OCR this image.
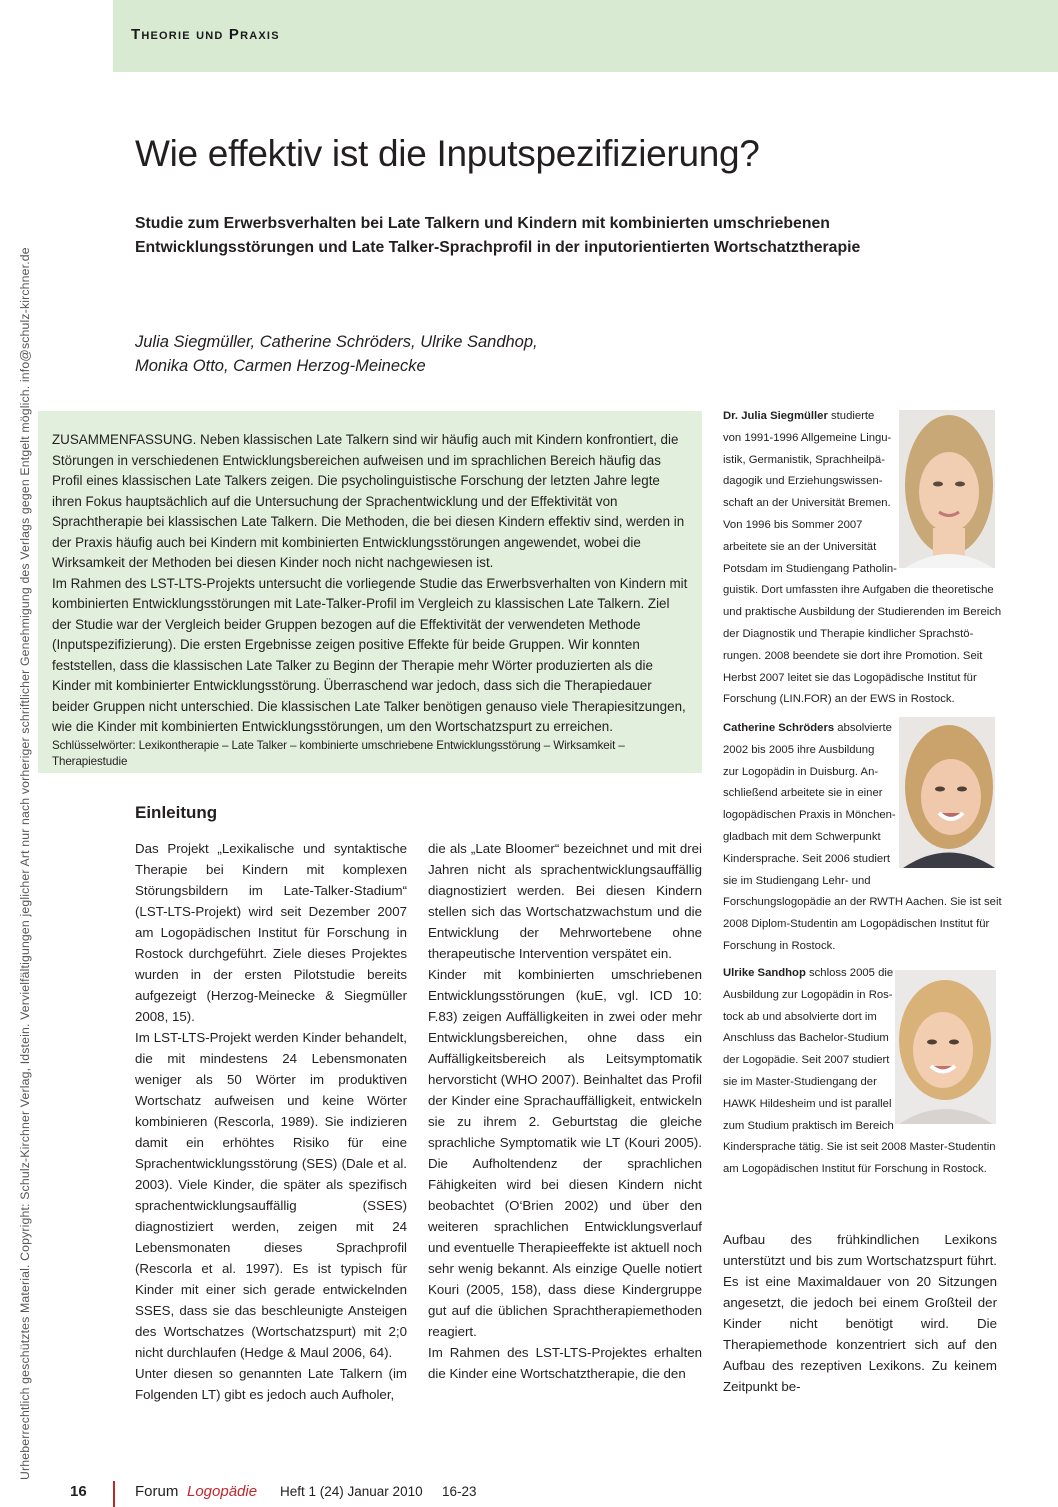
Theorie und Praxis
Urheberrechtlich geschütztes Material. Copyright: Schulz-Kirchner Verlag, Idstein. Vervielfältigungen jeglicher Art nur nach vorheriger schriftlicher Genehmigung des Verlags gegen Entgelt möglich. info@schulz-kirchner.de
Wie effektiv ist die Inputspezifizierung?
Studie zum Erwerbsverhalten bei Late Talkern und Kindern mit kombinierten umschriebenen Entwicklungsstörungen und Late Talker-Sprachprofil in der inputorientierten Wortschatztherapie
Julia Siegmüller, Catherine Schröders, Ulrike Sandhop,
Monika Otto, Carmen Herzog-Meinecke

ZUSAMMENFASSUNG. Neben klassischen Late Talkern sind wir häufig auch mit Kindern konfrontiert, die Störungen in verschiedenen Entwicklungsbereichen aufweisen und im sprachlichen Bereich häufig das Profil eines klassischen Late Talkers zeigen. Die psycholinguistische Forschung der letzten Jahre legte ihren Fokus hauptsächlich auf die Untersuchung der Sprachentwicklung und der Effektivität von Sprachtherapie bei klassischen Late Talkern. Die Methoden, die bei diesen Kindern effektiv sind, werden in der Praxis häufig auch bei Kindern mit kombinierten Entwicklungsstörungen angewendet, wobei die Wirksamkeit der Methoden bei diesen Kinder noch nicht nachgewiesen ist.

Im Rahmen des LST-LTS-Projekts untersucht die vorliegende Studie das Erwerbsverhalten von Kindern mit kombinierten Entwicklungsstörungen mit Late-Talker-Profil im Vergleich zu klassischen Late Talkern. Ziel der Studie war der Vergleich beider Gruppen bezogen auf die Effektivität der verwendeten Methode (Inputspezifizierung). Die ersten Ergebnisse zeigen positive Effekte für beide Gruppen. Wir konnten feststellen, dass die klassischen Late Talker zu Beginn der Therapie mehr Wörter produzierten als die Kinder mit kombinierter Entwicklungsstörung. Überraschend war jedoch, dass sich die Therapiedauer beider Gruppen nicht unterschied. Die klassischen Late Talker benötigen genauso viele Therapiesitzungen, wie die Kinder mit kombinierten Entwicklungsstörungen, um den Wortschatzspurt zu erreichen.

Schlüsselwörter: Lexikontherapie – Late Talker – kombinierte umschriebene Entwicklungsstörung – Wirksamkeit – Therapiestudie

Dr. Julia Siegmüller studierte
von 1991-1996 Allgemeine Lingu-
istik, Germanistik, Sprachheilpä-
dagogik und Erziehungswissen-
schaft an der Universität Bremen.
Von 1996 bis Sommer 2007
arbeitete sie an der Universität
Potsdam im Studiengang Patholin-
guistik. Dort umfassten ihre Aufgaben die theoretische
und praktische Ausbildung der Studierenden im Bereich
der Diagnostik und Therapie kindlicher Sprachstö-
rungen. 2008 beendete sie dort ihre Promotion. Seit
Herbst 2007 leitet sie das Logopädische Institut für
Forschung (LIN.FOR) an der EWS in Rostock.
Catherine Schröders absolvierte
2002 bis 2005 ihre Ausbildung
zur Logopädin in Duisburg. An-
schließend arbeitete sie in einer
logopädischen Praxis in Mönchen-
gladbach mit dem Schwerpunkt
Kindersprache. Seit 2006 studiert
sie im Studiengang Lehr- und
Forschungslogopädie an der RWTH Aachen. Sie ist seit
2008 Diplom-Studentin am Logopädischen Institut für
Forschung in Rostock.
Ulrike Sandhop schloss 2005 die
Ausbildung zur Logopädin in Ros-
tock ab und absolvierte dort im
Anschluss das Bachelor-Studium
der Logopädie. Seit 2007 studiert
sie im Master-Studiengang der
HAWK Hildesheim und ist parallel
zum Studium praktisch im Bereich
Kindersprache tätig. Sie ist seit 2008 Master-Studentin
am Logopädischen Institut für Forschung in Rostock.
Einleitung

Das Projekt „Lexikalische und syntaktische Therapie bei Kindern mit komplexen Störungsbildern im Late-Talker-Stadium“ (LST-LTS-Projekt) wird seit Dezember 2007 am Logopädischen Institut für Forschung in Rostock durchgeführt. Ziele dieses Projektes wurden in der ersten Pilotstudie bereits aufgezeigt (Herzog-Meinecke & Siegmüller 2008, 15).

Im LST-LTS-Projekt werden Kinder behandelt, die mit mindestens 24 Lebensmonaten weniger als 50 Wörter im produktiven Wortschatz aufweisen und keine Wörter kombinieren (Rescorla, 1989). Sie indizieren damit ein erhöhtes Risiko für eine Sprachentwicklungsstörung (SES) (Dale et al. 2003). Viele Kinder, die später als spezifisch sprachentwicklungsauffällig (SSES) diagnostiziert werden, zeigen mit 24 Lebensmonaten dieses Sprachprofil (Rescorla et al. 1997). Es ist typisch für Kinder mit einer sich gerade entwickelnden SSES, dass sie das beschleunigte Ansteigen des Wortschatzes (Wortschatzspurt) mit 2;0 nicht durchlaufen (Hedge & Maul 2006, 64).

Unter diesen so genannten Late Talkern (im Folgenden LT) gibt es jedoch auch Aufholer,

die als „Late Bloomer“ bezeichnet und mit drei Jahren nicht als sprachentwicklungsauffällig diagnostiziert werden. Bei diesen Kindern stellen sich das Wortschatzwachstum und die Entwicklung der Mehrwortebene ohne therapeutische Intervention verspätet ein.

Kinder mit kombinierten umschriebenen Entwicklungsstörungen (kuE, vgl. ICD 10: F.83) zeigen Auffälligkeiten in zwei oder mehr Entwicklungsbereichen, ohne dass ein Auffälligkeitsbereich als Leitsymptomatik hervorsticht (WHO 2007). Beinhaltet das Profil der Kinder eine Sprachauffälligkeit, entwickeln sie zu ihrem 2. Geburtstag die gleiche sprachliche Symptomatik wie LT (Kouri 2005). Die Aufholtendenz der sprachlichen Fähigkeiten wird bei diesen Kindern nicht beobachtet (O‘Brien 2002) und über den weiteren sprachlichen Entwicklungsverlauf und eventuelle Therapieeffekte ist aktuell noch sehr wenig bekannt. Als einzige Quelle notiert Kouri (2005, 158), dass diese Kindergruppe gut auf die üblichen Sprachtherapiemethoden reagiert.

Im Rahmen des LST-LTS-Projektes erhalten die Kinder eine Wortschatztherapie, die den

Aufbau des frühkindlichen Lexikons unterstützt und bis zum Wortschatzspurt führt. Es ist eine Maximaldauer von 20 Sitzungen angesetzt, die jedoch bei einem Großteil der Kinder nicht benötigt wird. Die Therapiemethode konzentriert sich auf den Aufbau des rezeptiven Lexikons. Zu keinem Zeitpunkt be-

16	Forum Logopädie Heft 1 (24) Januar 2010 16-23
